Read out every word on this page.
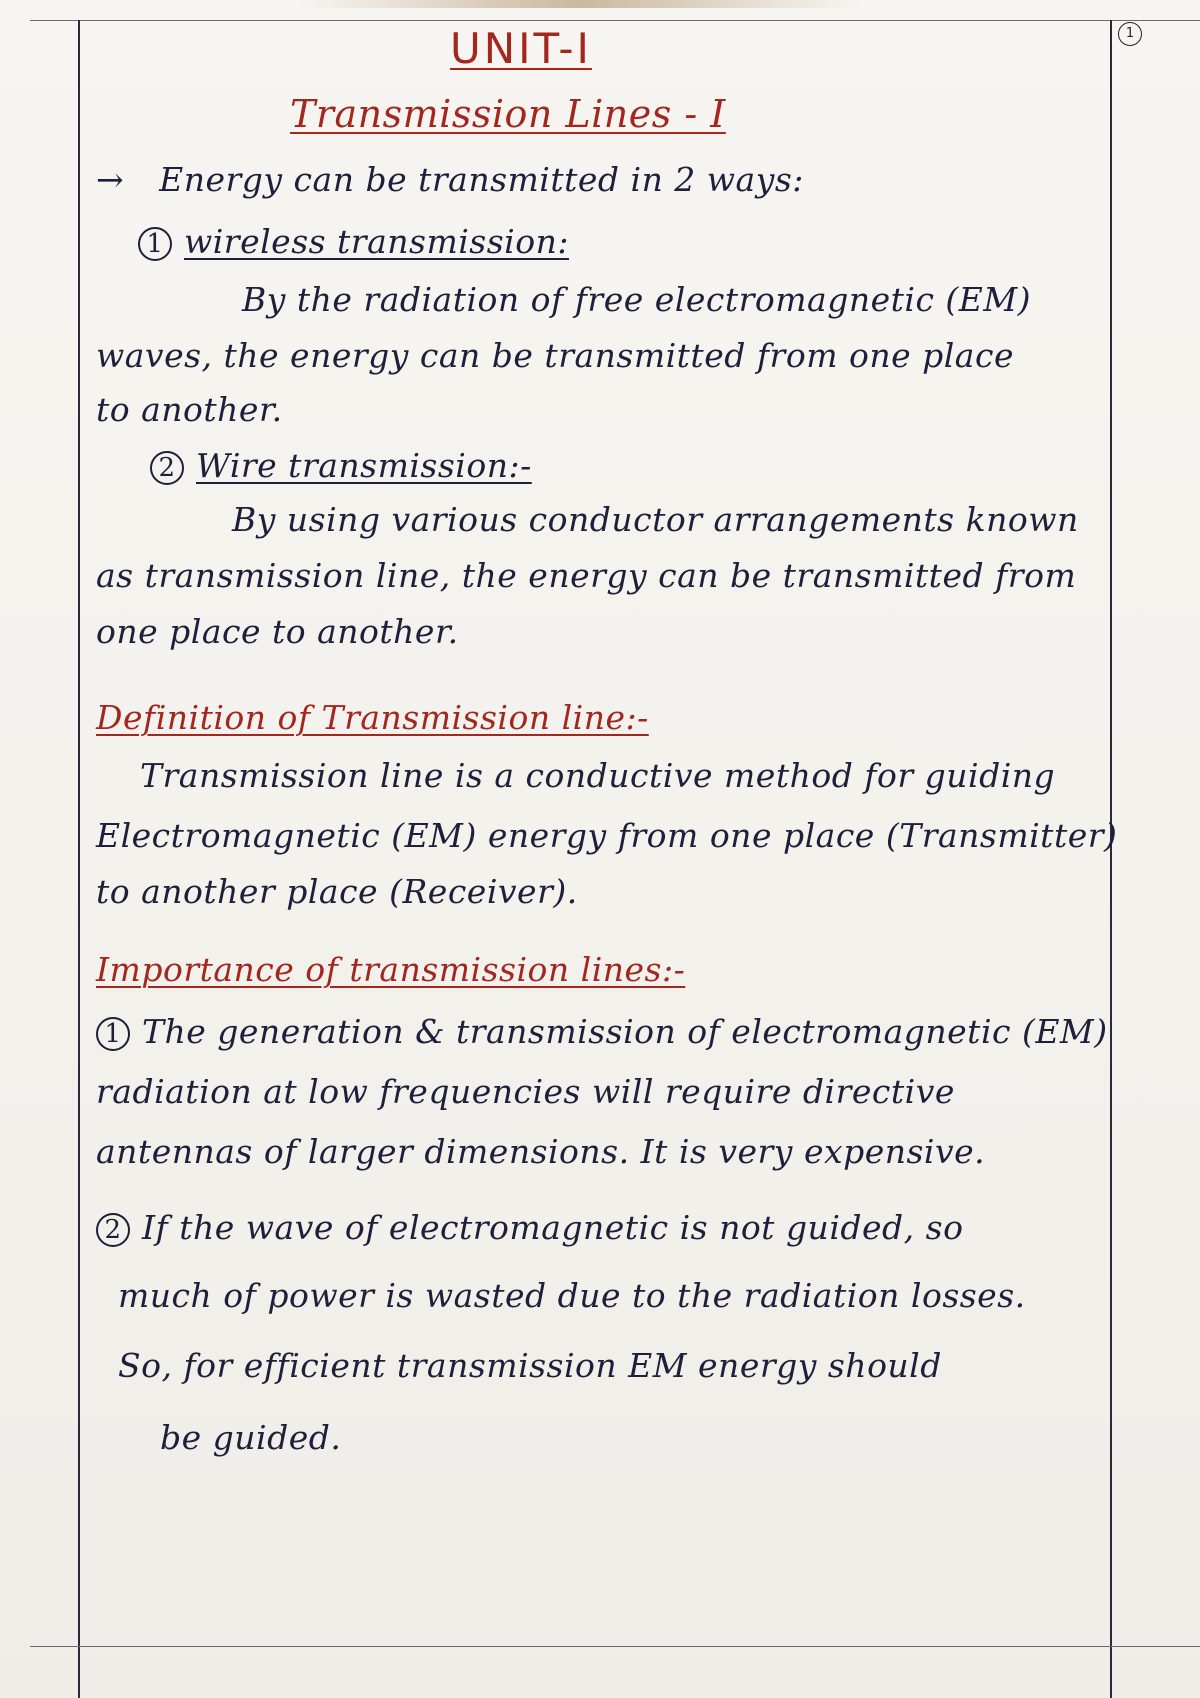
1
UNIT-I
Transmission Lines - I
→ Energy can be transmitted in 2 ways:
1 wireless transmission:
By the radiation of free electromagnetic (EM)
waves, the energy can be transmitted from one place
to another.
2 Wire transmission:-
By using various conductor arrangements known
as transmission line, the energy can be transmitted from
one place to another.
Definition of Transmission line:-
Transmission line is a conductive method for guiding
Electromagnetic (EM) energy from one place (Transmitter)
to another place (Receiver).
Importance of transmission lines:-
1 The generation & transmission of electromagnetic (EM)
radiation at low frequencies will require directive
antennas of larger dimensions. It is very expensive.
2 If the wave of electromagnetic is not guided, so
much of power is wasted due to the radiation losses.
So, for efficient transmission EM energy should
be guided.
